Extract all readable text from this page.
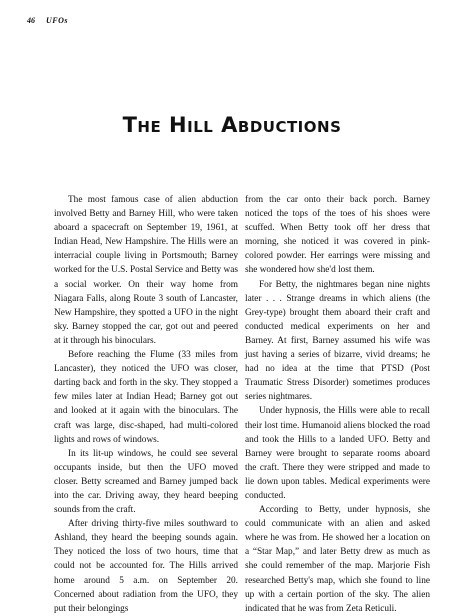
46 UFOs
The Hill Abductions

The most famous case of alien abduction involved Betty and Barney Hill, who were taken aboard a spacecraft on September 19, 1961, at Indian Head, New Hampshire. The Hills were an interracial couple living in Portsmouth; Barney worked for the U.S. Postal Service and Betty was a social worker. On their way home from Niagara Falls, along Route 3 south of Lancaster, New Hampshire, they spotted a UFO in the night sky. Barney stopped the car, got out and peered at it through his binoculars.

Before reaching the Flume (33 miles from Lancaster), they noticed the UFO was closer, darting back and forth in the sky. They stopped a few miles later at Indian Head; Barney got out and looked at it again with the binoculars. The craft was large, disc-shaped, had multi-colored lights and rows of windows.

In its lit-up windows, he could see several occupants inside, but then the UFO moved closer. Betty screamed and Barney jumped back into the car. Driving away, they heard beeping sounds from the craft.

After driving thirty-five miles southward to Ashland, they heard the beeping sounds again. They noticed the loss of two hours, time that could not be accounted for. The Hills arrived home around 5 a.m. on September 20. Concerned about radiation from the UFO, they put their belongings

from the car onto their back porch. Barney noticed the tops of the toes of his shoes were scuffed. When Betty took off her dress that morning, she noticed it was covered in pink-colored powder. Her earrings were missing and she wondered how she'd lost them.

For Betty, the nightmares began nine nights later . . . Strange dreams in which aliens (the Grey-type) brought them aboard their craft and conducted medical experiments on her and Barney. At first, Barney assumed his wife was just having a series of bizarre, vivid dreams; he had no idea at the time that PTSD (Post Traumatic Stress Disorder) sometimes produces series nightmares.

Under hypnosis, the Hills were able to recall their lost time. Humanoid aliens blocked the road and took the Hills to a landed UFO. Betty and Barney were brought to separate rooms aboard the craft. There they were stripped and made to lie down upon tables. Medical experiments were conducted.

According to Betty, under hypnosis, she could communicate with an alien and asked where he was from. He showed her a location on a “Star Map,” and later Betty drew as much as she could remember of the map. Marjorie Fish researched Betty's map, which she found to line up with a certain portion of the sky. The alien indicated that he was from Zeta Reticuli.
